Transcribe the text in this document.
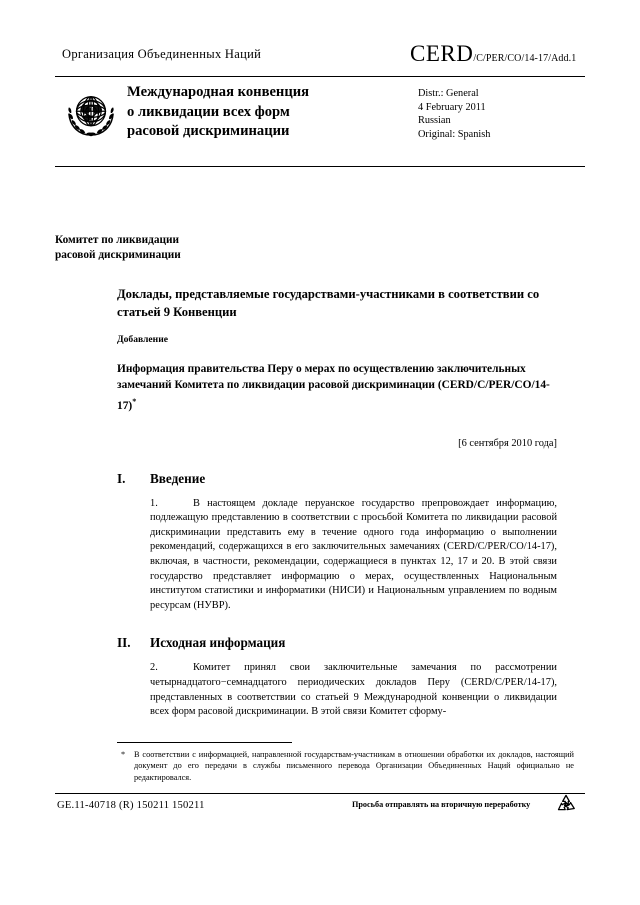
Организация Объединенных Наций	CERD/C/PER/CO/14-17/Add.1
Международная конвенция
о ликвидации всех форм
расовой дискриминации
Distr.: General
4 February 2011
Russian
Original: Spanish
Комитет по ликвидации
расовой дискриминации
Доклады, представляемые государствами-участниками в соответствии со статьей 9 Конвенции
Добавление
Информация правительства Перу о мерах по осуществлению заключительных замечаний Комитета по ликвидации расовой дискриминации (CERD/C/PER/CO/14-17)*
[6 сентября 2010 года]
I.	Введение

1.	В настоящем докладе перуанское государство препровождает информацию, подлежащую представлению в соответствии с просьбой Комитета по ликвидации расовой дискриминации представить ему в течение одного года информацию о выполнении рекомендаций, содержащихся в его заключительных замечаниях (CERD/C/PER/CO/14-17), включая, в частности, рекомендации, содержащиеся в пунктах 12, 17 и 20. В этой связи государство представляет информацию о мерах, осуществленных Национальным институтом статистики и информатики (НИСИ) и Национальным управлением по водным ресурсам (НУВР).

II.	Исходная информация

2.	Комитет принял свои заключительные замечания по рассмотрении четырнадцатого−семнадцатого периодических докладов Перу (CERD/C/PER/14-17), представленных в соответствии со статьей 9 Международной конвенции о ликвидации всех форм расовой дискриминации. В этой связи Комитет сформу-

* В соответствии с информацией, направленной государствам-участникам в отношении обработки их докладов, настоящий документ до его передачи в службы письменного перевода Организации Объединенных Наций официально не редактировался.
GE.11-40718 (R) 150211 150211	Просьба отправлять на вторичную переработку
